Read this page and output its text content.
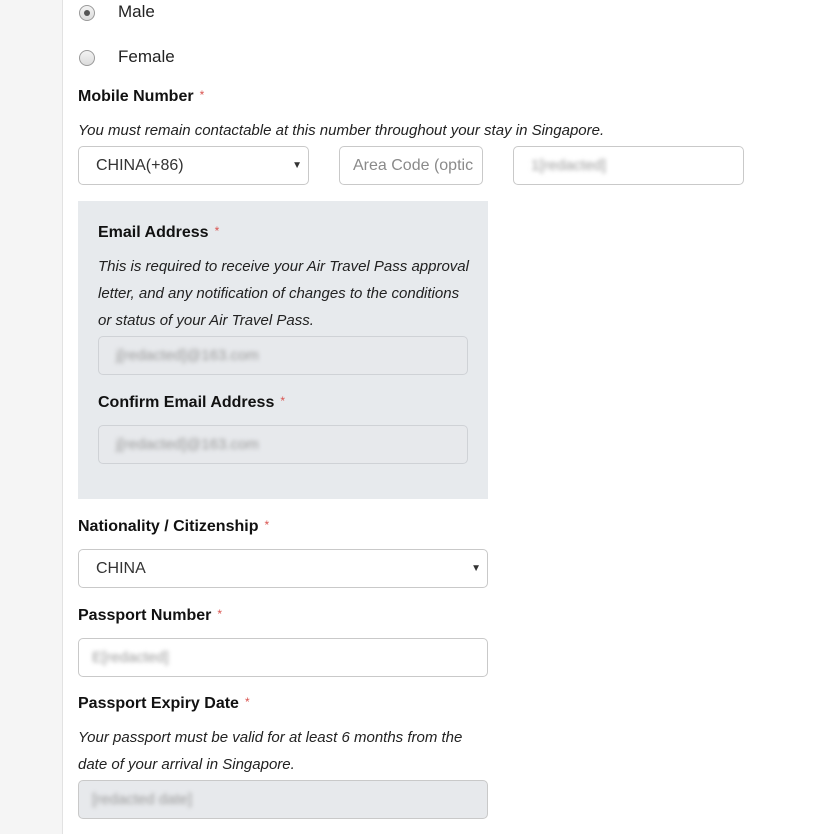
Male
Female
Mobile Number *
You must remain contactable at this number throughout your stay in Singapore.
CHINA(+86)	▼	Area Code (optic	1[redacted]
Email Address *
This is required to receive your Air Travel Pass approval letter, and any notification of changes to the conditions or status of your Air Travel Pass.
j[redacted]@163.com
Confirm Email Address *
j[redacted]@163.com
Nationality / Citizenship *
CHINA	▼
Passport Number *
E[redacted]
Passport Expiry Date *
Your passport must be valid for at least 6 months from the date of your arrival in Singapore.
[redacted date]
